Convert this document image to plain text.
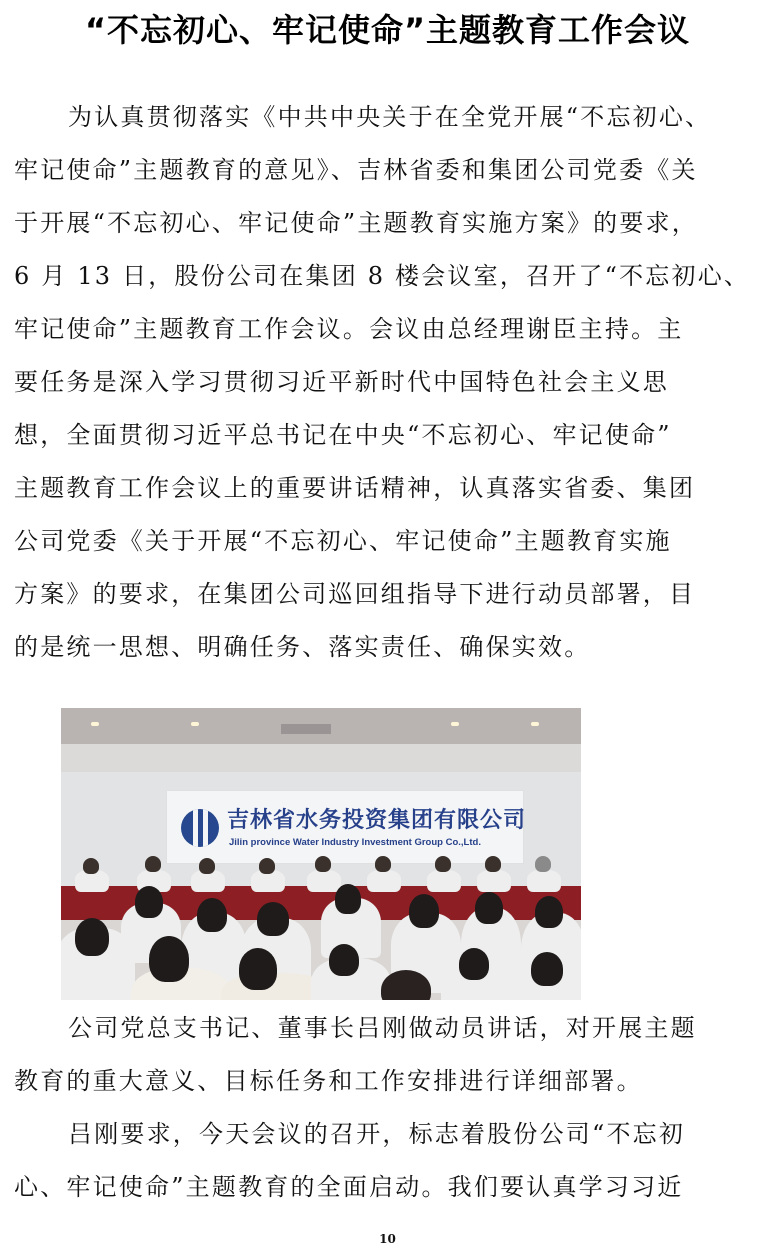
“不忘初心、牢记使命”主题教育工作会议
为认真贯彻落实《中共中央关于在全党开展“不忘初心、
牢记使命”主题教育的意见》、吉林省委和集团公司党委《关
于开展“不忘初心、牢记使命”主题教育实施方案》的要求，
6 月 13 日，股份公司在集团 8 楼会议室，召开了“不忘初心、
牢记使命”主题教育工作会议。会议由总经理谢臣主持。主
要任务是深入学习贯彻习近平新时代中国特色社会主义思
想，全面贯彻习近平总书记在中央“不忘初心、牢记使命”
主题教育工作会议上的重要讲话精神，认真落实省委、集团
公司党委《关于开展“不忘初心、牢记使命”主题教育实施
方案》的要求，在集团公司巡回组指导下进行动员部署，目
的是统一思想、明确任务、落实责任、确保实效。
吉林省水务投资集团有限公司
Jilin province Water Industry Investment Group Co.,Ltd.
公司党总支书记、董事长吕刚做动员讲话，对开展主题
教育的重大意义、目标任务和工作安排进行详细部署。
吕刚要求，今天会议的召开，标志着股份公司“不忘初
心、牢记使命”主题教育的全面启动。我们要认真学习习近
10
